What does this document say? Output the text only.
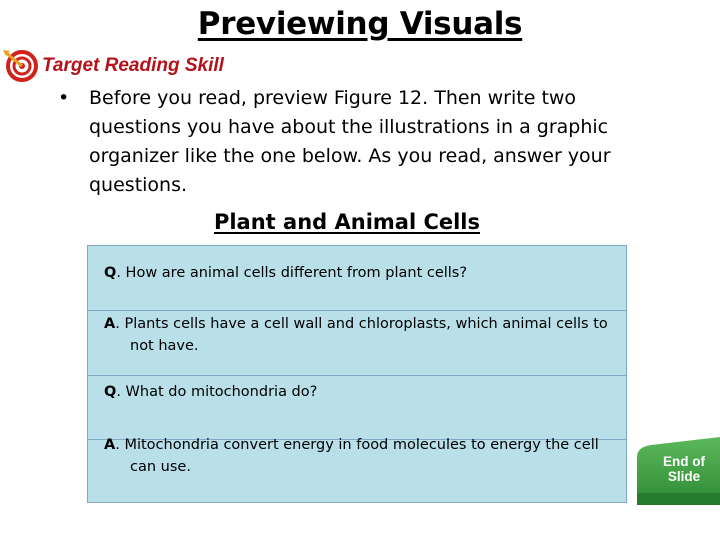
Previewing Visuals
Target Reading Skill
• Before you read, preview Figure 12. Then write two questions you have about the illustrations in a graphic organizer like the one below. As you read, answer your questions.
Plant and Animal Cells
Q. How are animal cells different from plant cells?
A. Plants cells have a cell wall and chloroplasts, which animal cells to
not have.
Q. What do mitochondria do?
A. Mitochondria convert energy in food molecules to energy the cell
can use.	End of
Slide
